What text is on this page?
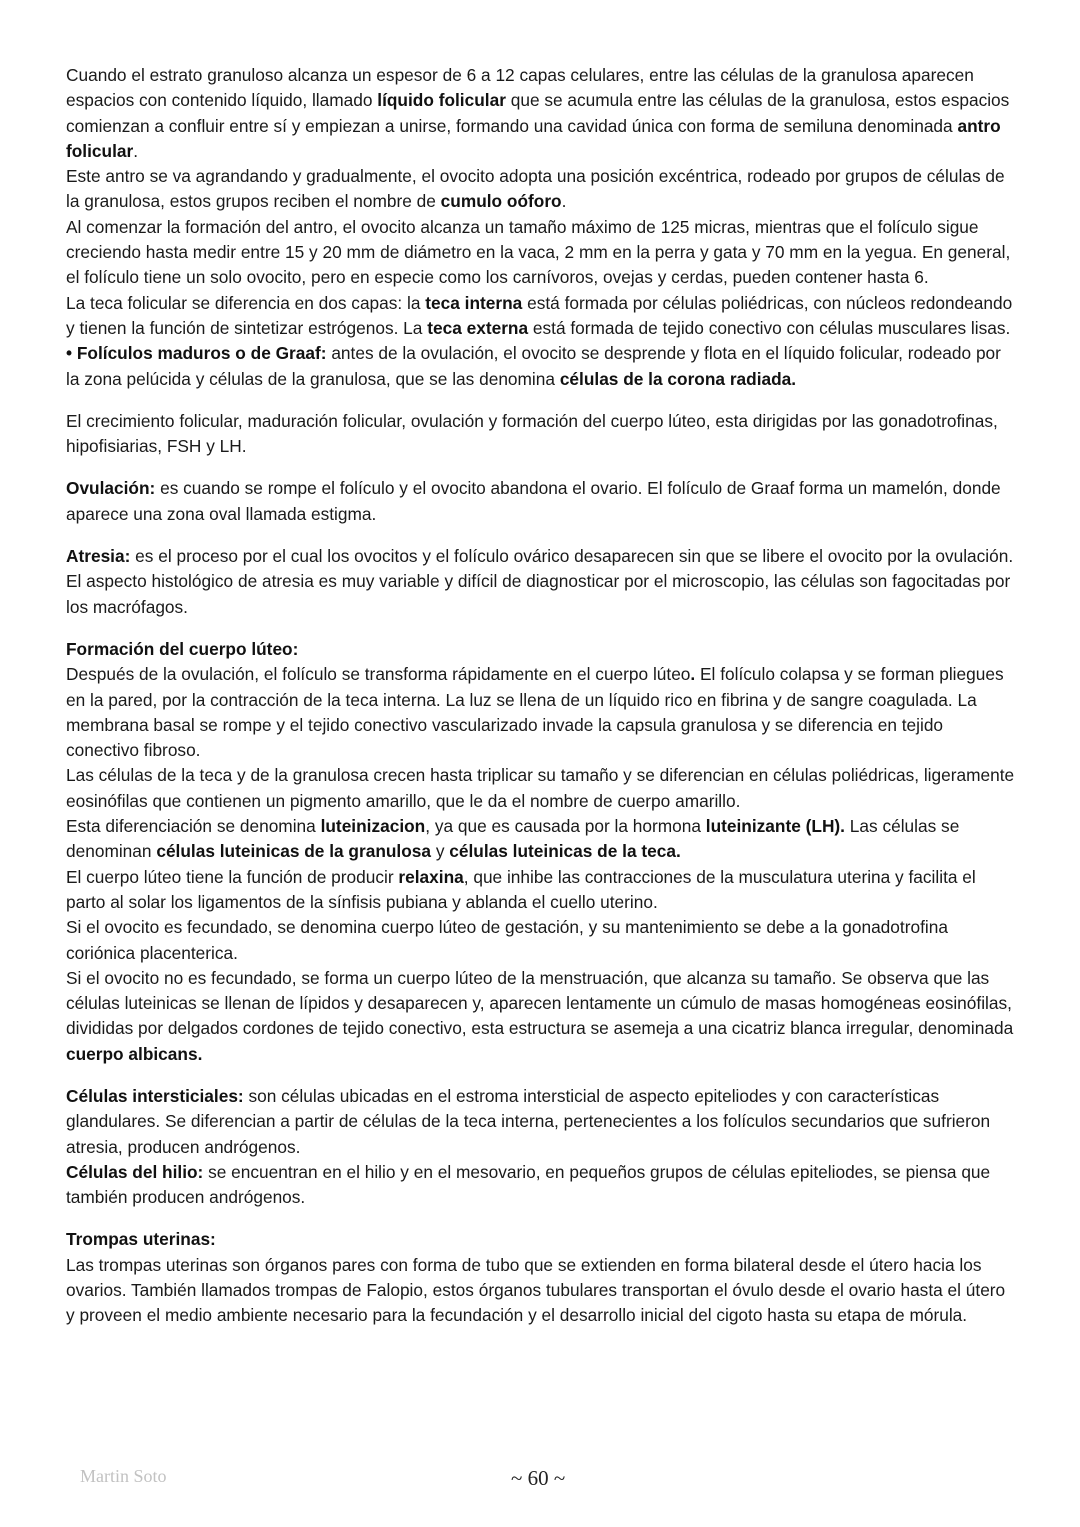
Cuando el estrato granuloso alcanza un espesor de 6 a 12 capas celulares, entre las células de la granulosa aparecen espacios con contenido líquido, llamado líquido folicular que se acumula entre las células de la granulosa, estos espacios comienzan a confluir entre sí y empiezan a unirse, formando una cavidad única con forma de semiluna denominada antro folicular.

Este antro se va agrandando y gradualmente, el ovocito adopta una posición excéntrica, rodeado por grupos de células de la granulosa, estos grupos reciben el nombre de cumulo oóforo.

Al comenzar la formación del antro, el ovocito alcanza un tamaño máximo de 125 micras, mientras que el folículo sigue creciendo hasta medir entre 15 y 20 mm de diámetro en la vaca, 2 mm en la perra y gata y 70 mm en la yegua. En general, el folículo tiene un solo ovocito, pero en especie como los carnívoros, ovejas y cerdas, pueden contener hasta 6.

La teca folicular se diferencia en dos capas: la teca interna está formada por células poliédricas, con núcleos redondeando y tienen la función de sintetizar estrógenos. La teca externa está formada de tejido conectivo con células musculares lisas.

• Folículos maduros o de Graaf: antes de la ovulación, el ovocito se desprende y flota en el líquido folicular, rodeado por la zona pelúcida y células de la granulosa, que se las denomina células de la corona radiada.

El crecimiento folicular, maduración folicular, ovulación y formación del cuerpo lúteo, esta dirigidas por las gonadotrofinas, hipofisiarias, FSH y LH.

Ovulación: es cuando se rompe el folículo y el ovocito abandona el ovario. El folículo de Graaf forma un mamelón, donde aparece una zona oval llamada estigma.

Atresia: es el proceso por el cual los ovocitos y el folículo ovárico desaparecen sin que se libere el ovocito por la ovulación. El aspecto histológico de atresia es muy variable y difícil de diagnosticar por el microscopio, las células son fagocitadas por los macrófagos.

Formación del cuerpo lúteo:

Después de la ovulación, el folículo se transforma rápidamente en el cuerpo lúteo. El folículo colapsa y se forman pliegues en la pared, por la contracción de la teca interna. La luz se llena de un líquido rico en fibrina y de sangre coagulada. La membrana basal se rompe y el tejido conectivo vascularizado invade la capsula granulosa y se diferencia en tejido conectivo fibroso.

Las células de la teca y de la granulosa crecen hasta triplicar su tamaño y se diferencian en células poliédricas, ligeramente eosinófilas que contienen un pigmento amarillo, que le da el nombre de cuerpo amarillo.

Esta diferenciación se denomina luteinizacion, ya que es causada por la hormona luteinizante (LH). Las células se denominan células luteinicas de la granulosa y células luteinicas de la teca.

El cuerpo lúteo tiene la función de producir relaxina, que inhibe las contracciones de la musculatura uterina y facilita el parto al solar los ligamentos de la sínfisis pubiana y ablanda el cuello uterino.

Si el ovocito es fecundado, se denomina cuerpo lúteo de gestación, y su mantenimiento se debe a la gonadotrofina coriónica placenterica.

Si el ovocito no es fecundado, se forma un cuerpo lúteo de la menstruación, que alcanza su tamaño. Se observa que las células luteinicas se llenan de lípidos y desaparecen y, aparecen lentamente un cúmulo de masas homogéneas eosinófilas, divididas por delgados cordones de tejido conectivo, esta estructura se asemeja a una cicatriz blanca irregular, denominada cuerpo albicans.

Células intersticiales: son células ubicadas en el estroma intersticial de aspecto epiteliodes y con características glandulares. Se diferencian a partir de células de la teca interna, pertenecientes a los folículos secundarios que sufrieron atresia, producen andrógenos.

Células del hilio: se encuentran en el hilio y en el mesovario, en pequeños grupos de células epiteliodes, se piensa que también producen andrógenos.

Trompas uterinas:

Las trompas uterinas son órganos pares con forma de tubo que se extienden en forma bilateral desde el útero hacia los ovarios. También llamados trompas de Falopio, estos órganos tubulares transportan el óvulo desde el ovario hasta el útero y proveen el medio ambiente necesario para la fecundación y el desarrollo inicial del cigoto hasta su etapa de mórula.

Martin Soto	~ 60 ~
